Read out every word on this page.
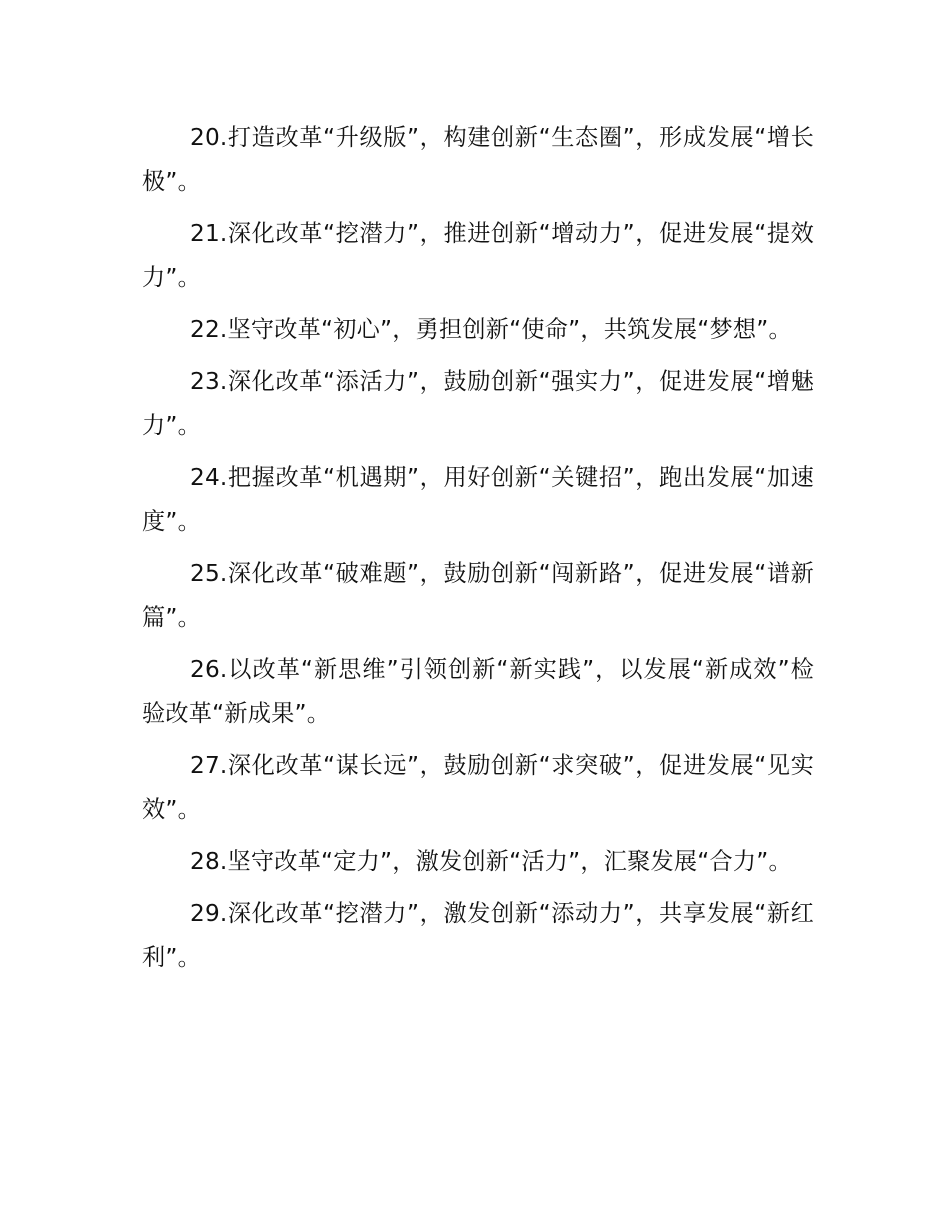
20.打造改革“升级版”，构建创新“生态圈”，形成发展“增长极”。

21.深化改革“挖潜力”，推进创新“增动力”，促进发展“提效力”。

22.坚守改革“初心”，勇担创新“使命”，共筑发展“梦想”。

23.深化改革“添活力”，鼓励创新“强实力”，促进发展“增魅力”。

24.把握改革“机遇期”，用好创新“关键招”，跑出发展“加速度”。

25.深化改革“破难题”，鼓励创新“闯新路”，促进发展“谱新篇”。

26.以改革“新思维”引领创新“新实践”，以发展“新成效”检验改革“新成果”。

27.深化改革“谋长远”，鼓励创新“求突破”，促进发展“见实效”。

28.坚守改革“定力”，激发创新“活力”，汇聚发展“合力”。

29.深化改革“挖潜力”，激发创新“添动力”，共享发展“新红利”。
